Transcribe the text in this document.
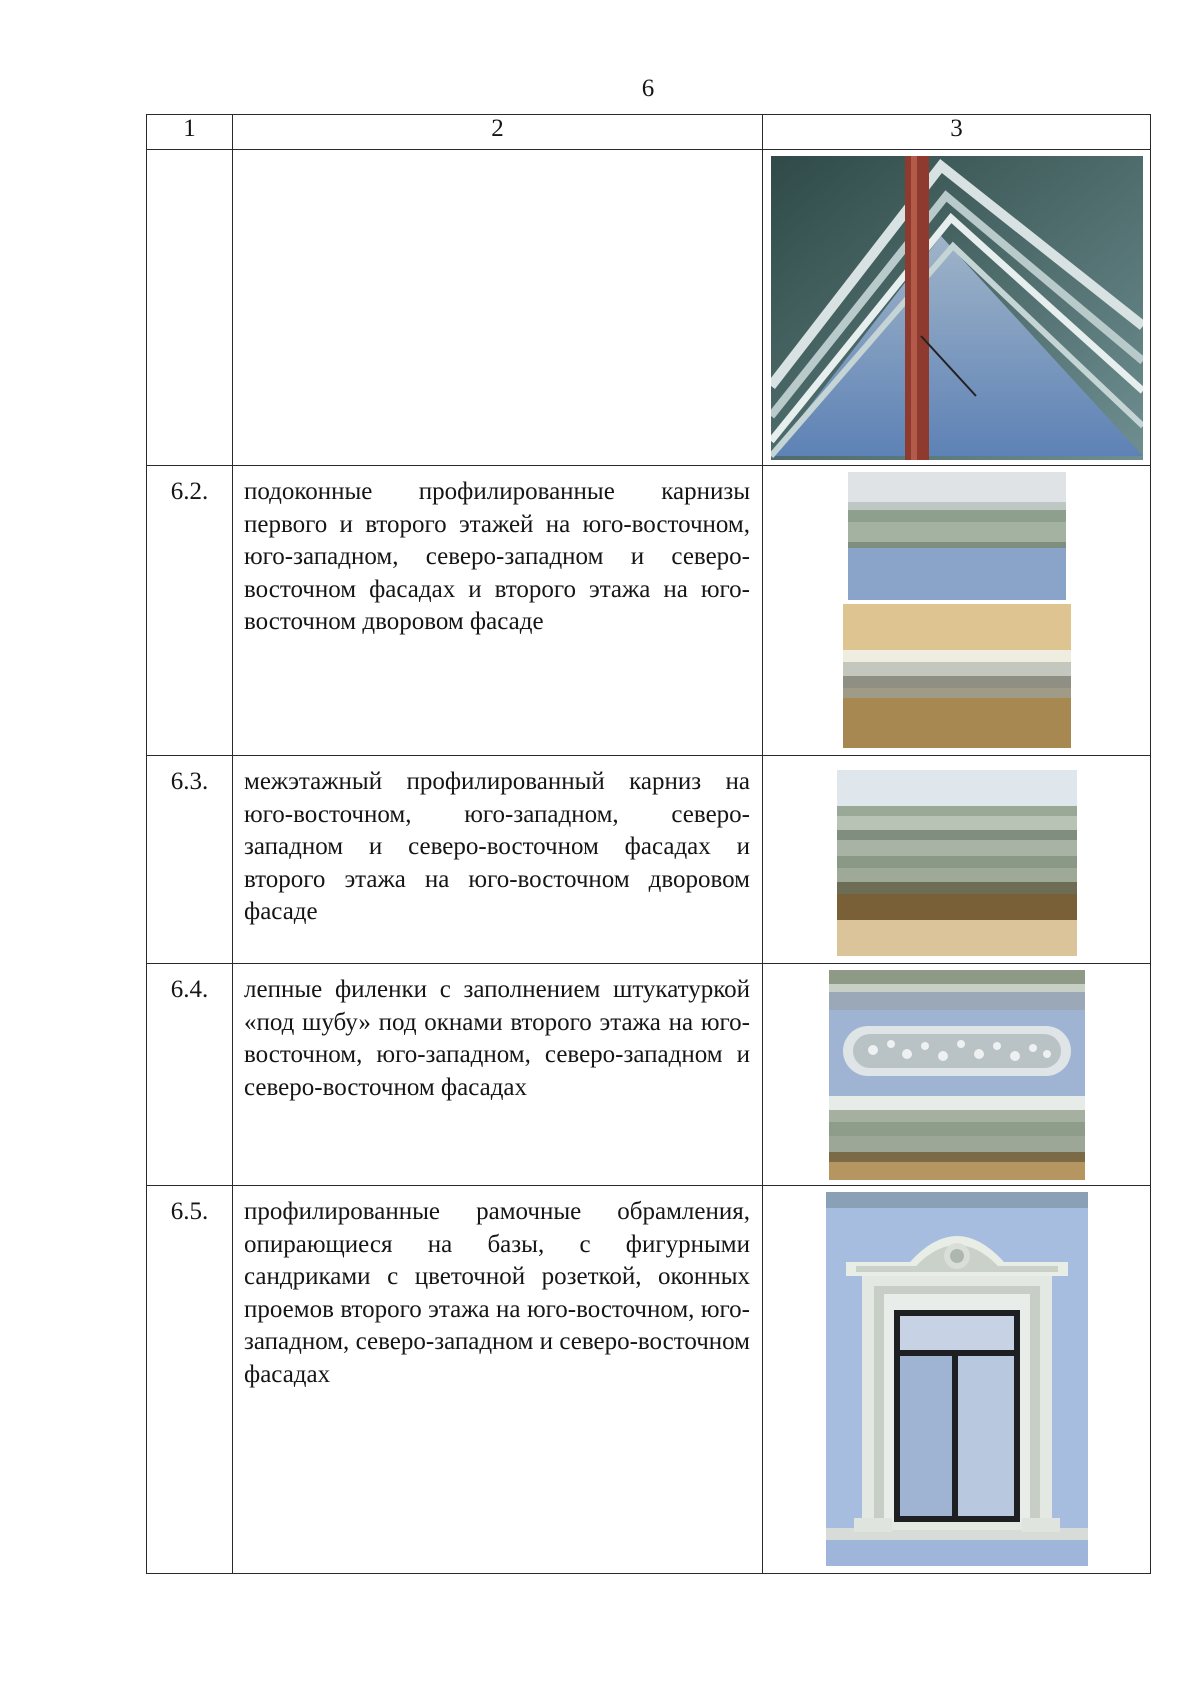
6
1	2	3

6.2.	подоконные профилированные карнизы первого и второго этажей на юго-восточном, юго-западном, северо-западном и северо-восточном фасадах и второго этажа на юго-восточном дворовом фасаде	

6.3.	межэтажный профилированный карниз на юго-восточном, юго-западном, северо-западном и северо-восточном фасадах и второго этажа на юго-восточном дворовом фасаде	

6.4.	лепные филенки с заполнением штукатуркой «под шубу» под окнами второго этажа на юго-восточном, юго-западном, северо-западном и северо-восточном фасадах	

6.5.	профилированные рамочные обрамления, опирающиеся на базы, с фигурными сандриками с цветочной розеткой, оконных проемов второго этажа на юго-восточном, юго-западном, северо-западном и северо-восточном фасадах	
